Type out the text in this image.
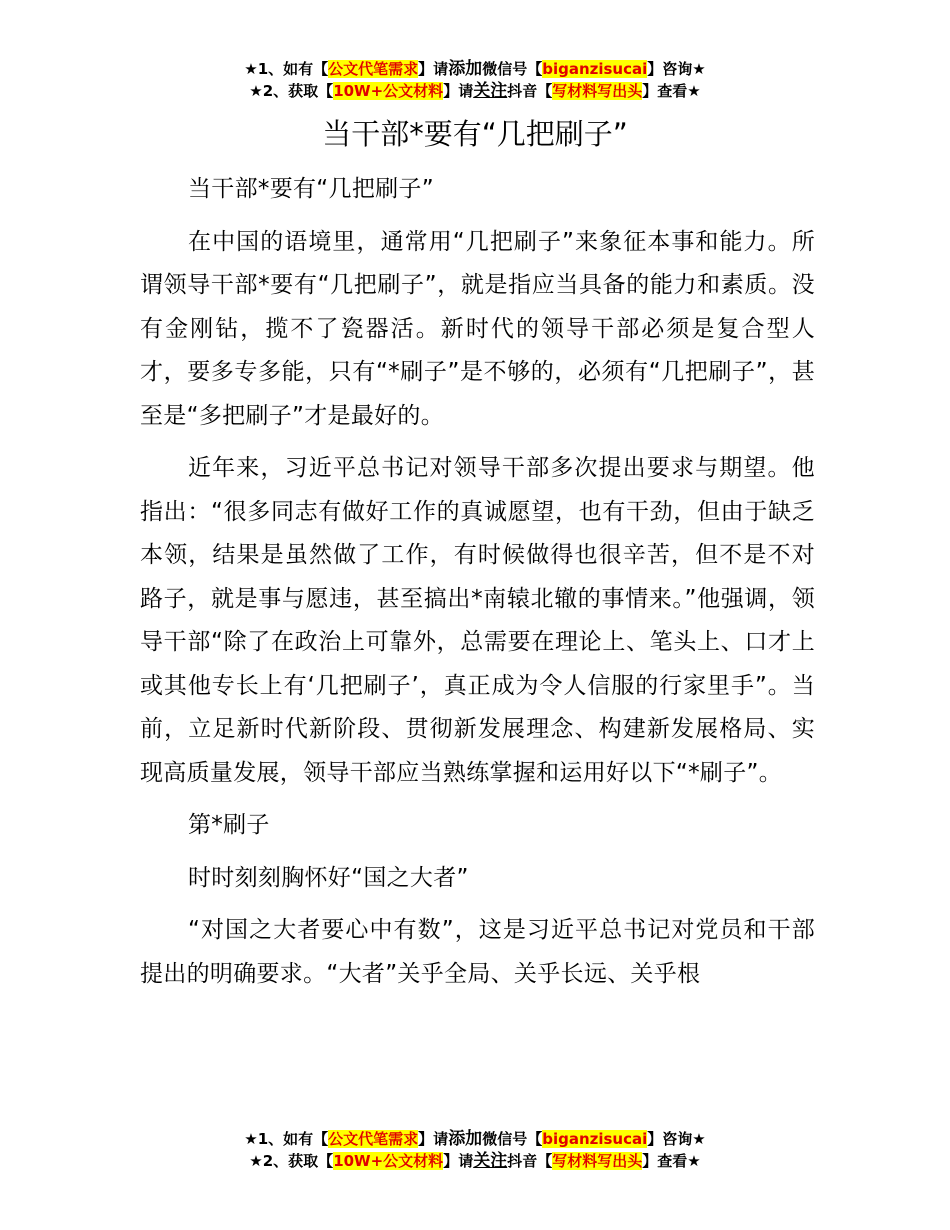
★1、如有【公文代笔需求】请添加微信号【biganzisucai】咨询★
★2、获取【10W+公文材料】请关注抖音【写材料写出头】查看★
当干部*要有“几把刷子”

当干部*要有“几把刷子”

在中国的语境里，通常用“几把刷子”来象征本事和能力。所谓领导干部*要有“几把刷子”，就是指应当具备的能力和素质。没有金刚钻，揽不了瓷器活。新时代的领导干部必须是复合型人才，要多专多能，只有“*刷子”是不够的，必须有“几把刷子”，甚至是“多把刷子”才是最好的。

近年来，习近平总书记对领导干部多次提出要求与期望。他指出：“很多同志有做好工作的真诚愿望，也有干劲，但由于缺乏本领，结果是虽然做了工作，有时候做得也很辛苦，但不是不对路子，就是事与愿违，甚至搞出*南辕北辙的事情来。”他强调，领导干部“除了在政治上可靠外，总需要在理论上、笔头上、口才上或其他专长上有‘几把刷子’，真正成为令人信服的行家里手”。当前，立足新时代新阶段、贯彻新发展理念、构建新发展格局、实现高质量发展，领导干部应当熟练掌握和运用好以下“*刷子”。

第*刷子

时时刻刻胸怀好“国之大者”

“对国之大者要心中有数”，这是习近平总书记对党员和干部提出的明确要求。“大者”关乎全局、关乎长远、关乎根

★1、如有【公文代笔需求】请添加微信号【biganzisucai】咨询★
★2、获取【10W+公文材料】请关注抖音【写材料写出头】查看★
